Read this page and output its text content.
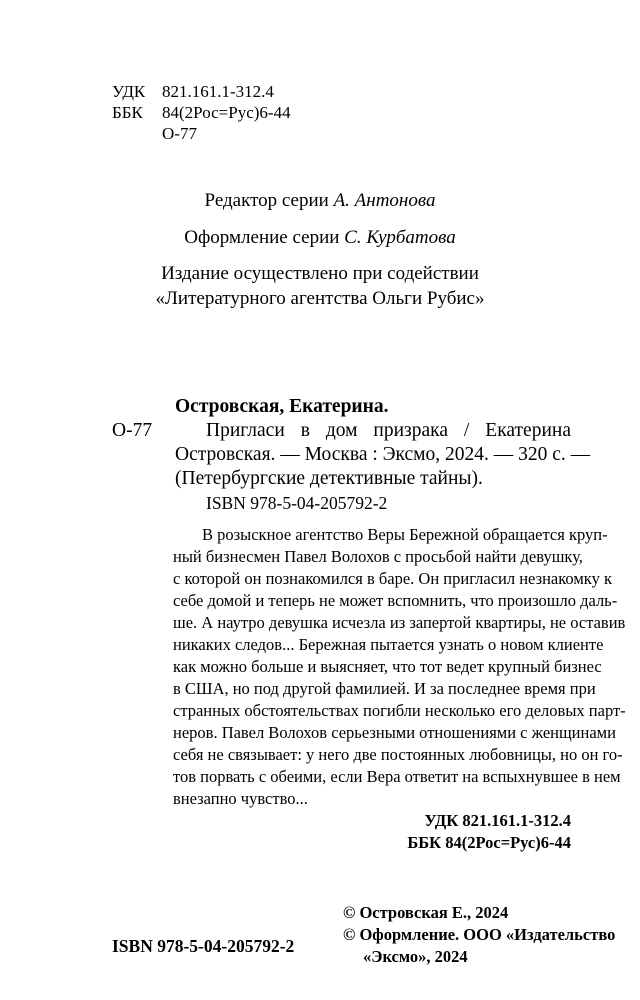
УДК 821.161.1-312.4
ББК 84(2Рос=Рус)6-44
О-77
Редактор серии А. Антонова
Оформление серии С. Курбатова
Издание осуществлено при содействии
«Литературного агентства Ольги Рубис»
Островская, Екатерина.
О-77	Пригласи в дом призрака / Екатерина
Островская. — Москва : Эксмо, 2024. — 320 с. —
(Петербургские детективные тайны).
ISBN 978-5-04-205792-2
В розыскное агентство Веры Бережной обращается круп-
ный бизнесмен Павел Волохов с просьбой найти девушку,
с которой он познакомился в баре. Он пригласил незнакомку к
себе домой и теперь не может вспомнить, что произошло даль-
ше. А наутро девушка исчезла из запертой квартиры, не оставив
никаких следов... Бережная пытается узнать о новом клиенте
как можно больше и выясняет, что тот ведет крупный бизнес
в США, но под другой фамилией. И за последнее время при
странных обстоятельствах погибли несколько его деловых парт-
неров. Павел Волохов серьезными отношениями с женщинами
себя не связывает: у него две постоянных любовницы, но он го-
тов порвать с обеими, если Вера ответит на вспыхнувшее в нем
внезапно чувство...
УДК 821.161.1-312.4
ББК 84(2Рос=Рус)6-44
© Островская Е., 2024
© Оформление. ООО «Издательство
«Эксмо», 2024
ISBN 978-5-04-205792-2
